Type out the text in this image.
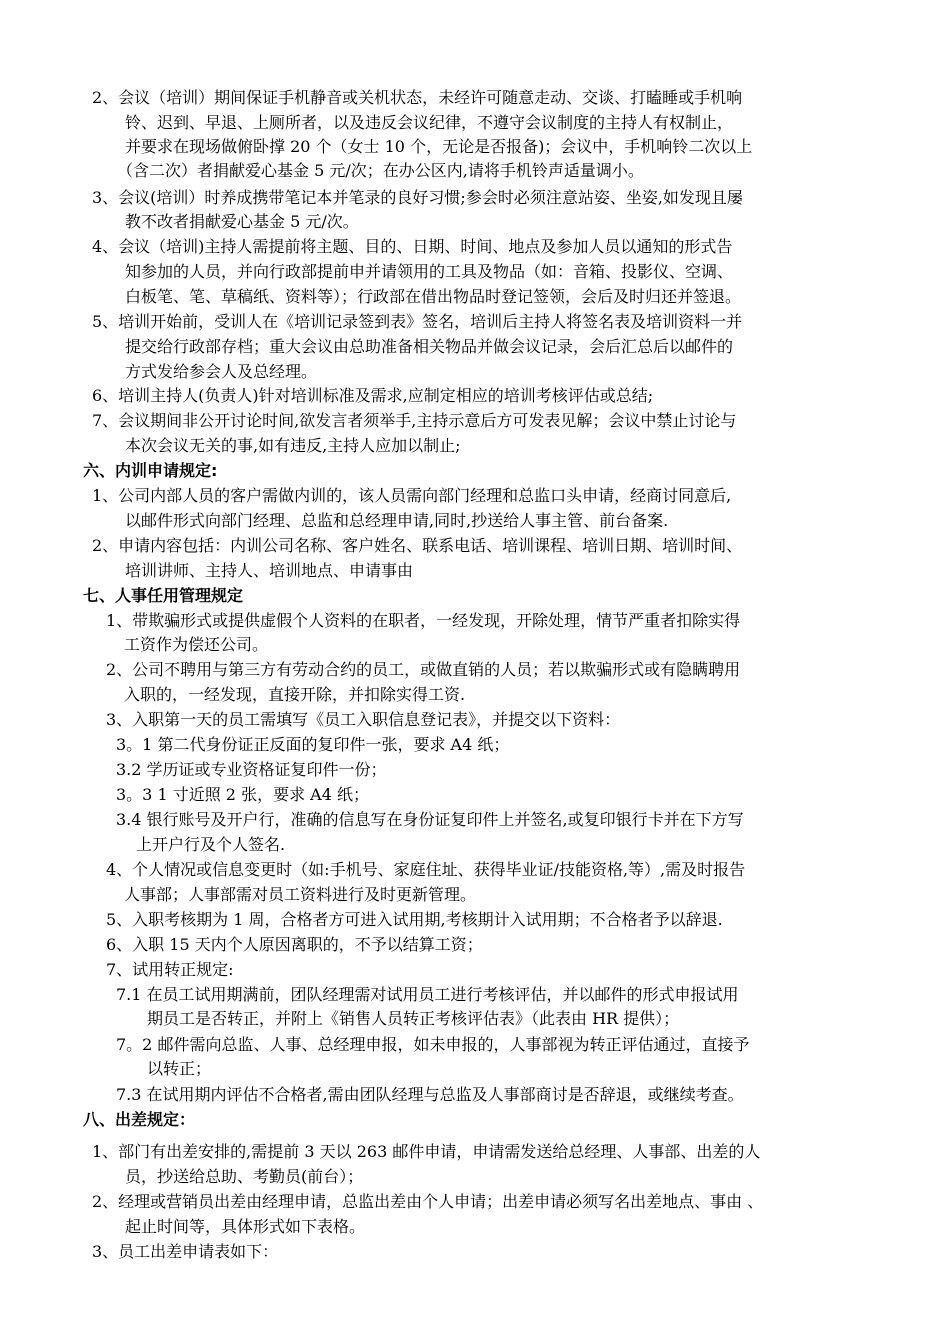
2、会议（培训）期间保证手机静音或关机状态，未经许可随意走动、交谈、打瞌睡或手机响
铃、迟到、早退、上厕所者，以及违反会议纪律，不遵守会议制度的主持人有权制止，
并要求在现场做俯卧撑 20 个（女士 10 个，无论是否报备)；会议中，手机响铃二次以上
（含二次）者捐献爱心基金 5 元/次；在办公区内,请将手机铃声适量调小。
3、会议(培训）时养成携带笔记本并笔录的良好习惯;参会时必须注意站姿、坐姿,如发现且屡
教不改者捐献爱心基金 5 元/次。
4、会议（培训)主持人需提前将主题、目的、日期、时间、地点及参加人员以通知的形式告
知参加的人员，并向行政部提前申并请领用的工具及物品（如：音箱、投影仪、空调、
白板笔、笔、草稿纸、资料等）；行政部在借出物品时登记签领，会后及时归还并签退。
5、培训开始前，受训人在《培训记录签到表》签名，培训后主持人将签名表及培训资料一并
提交给行政部存档；重大会议由总助准备相关物品并做会议记录，会后汇总后以邮件的
方式发给参会人及总经理。
6、培训主持人(负责人)针对培训标准及需求,应制定相应的培训考核评估或总结;
7、会议期间非公开讨论时间,欲发言者须举手,主持示意后方可发表见解；会议中禁止讨论与
本次会议无关的事,如有违反,主持人应加以制止;
六、内训申请规定:
1、公司内部人员的客户需做内训的，该人员需向部门经理和总监口头申请，经商讨同意后,
以邮件形式向部门经理、总监和总经理申请,同时,抄送给人事主管、前台备案.
2、申请内容包括：内训公司名称、客户姓名、联系电话、培训课程、培训日期、培训时间、
培训讲师、主持人、培训地点、申请事由
七、人事任用管理规定
1、带欺骗形式或提供虚假个人资料的在职者，一经发现，开除处理，情节严重者扣除实得
工资作为偿还公司。
2、公司不聘用与第三方有劳动合约的员工，或做直销的人员；若以欺骗形式或有隐瞒聘用
入职的，一经发现，直接开除，并扣除实得工资.
3、入职第一天的员工需填写《员工入职信息登记表》，并提交以下资料：
3。1 第二代身份证正反面的复印件一张，要求 A4 纸；
3.2 学历证或专业资格证复印件一份；
3。3 1 寸近照 2 张，要求 A4 纸；
3.4 银行账号及开户行，准确的信息写在身份证复印件上并签名,或复印银行卡并在下方写
上开户行及个人签名.
4、个人情况或信息变更时（如:手机号、家庭住址、获得毕业证/技能资格,等）,需及时报告
人事部；人事部需对员工资料进行及时更新管理。
5、入职考核期为 1 周，合格者方可进入试用期,考核期计入试用期；不合格者予以辞退.
6、入职 15 天内个人原因离职的，不予以结算工资；
7、试用转正规定:
7.1 在员工试用期满前，团队经理需对试用员工进行考核评估，并以邮件的形式申报试用
期员工是否转正，并附上《销售人员转正考核评估表》（此表由 HR 提供）；
7。2 邮件需向总监、人事、总经理申报，如未申报的，人事部视为转正评估通过，直接予
以转正；
7.3 在试用期内评估不合格者,需由团队经理与总监及人事部商讨是否辞退，或继续考查。
八、出差规定：
1、部门有出差安排的,需提前 3 天以 263 邮件申请，申请需发送给总经理、人事部、出差的人
员，抄送给总助、考勤员(前台）；
2、经理或营销员出差由经理申请，总监出差由个人申请；出差申请必须写名出差地点、事由 、
起止时间等，具体形式如下表格。
3、员工出差申请表如下：
